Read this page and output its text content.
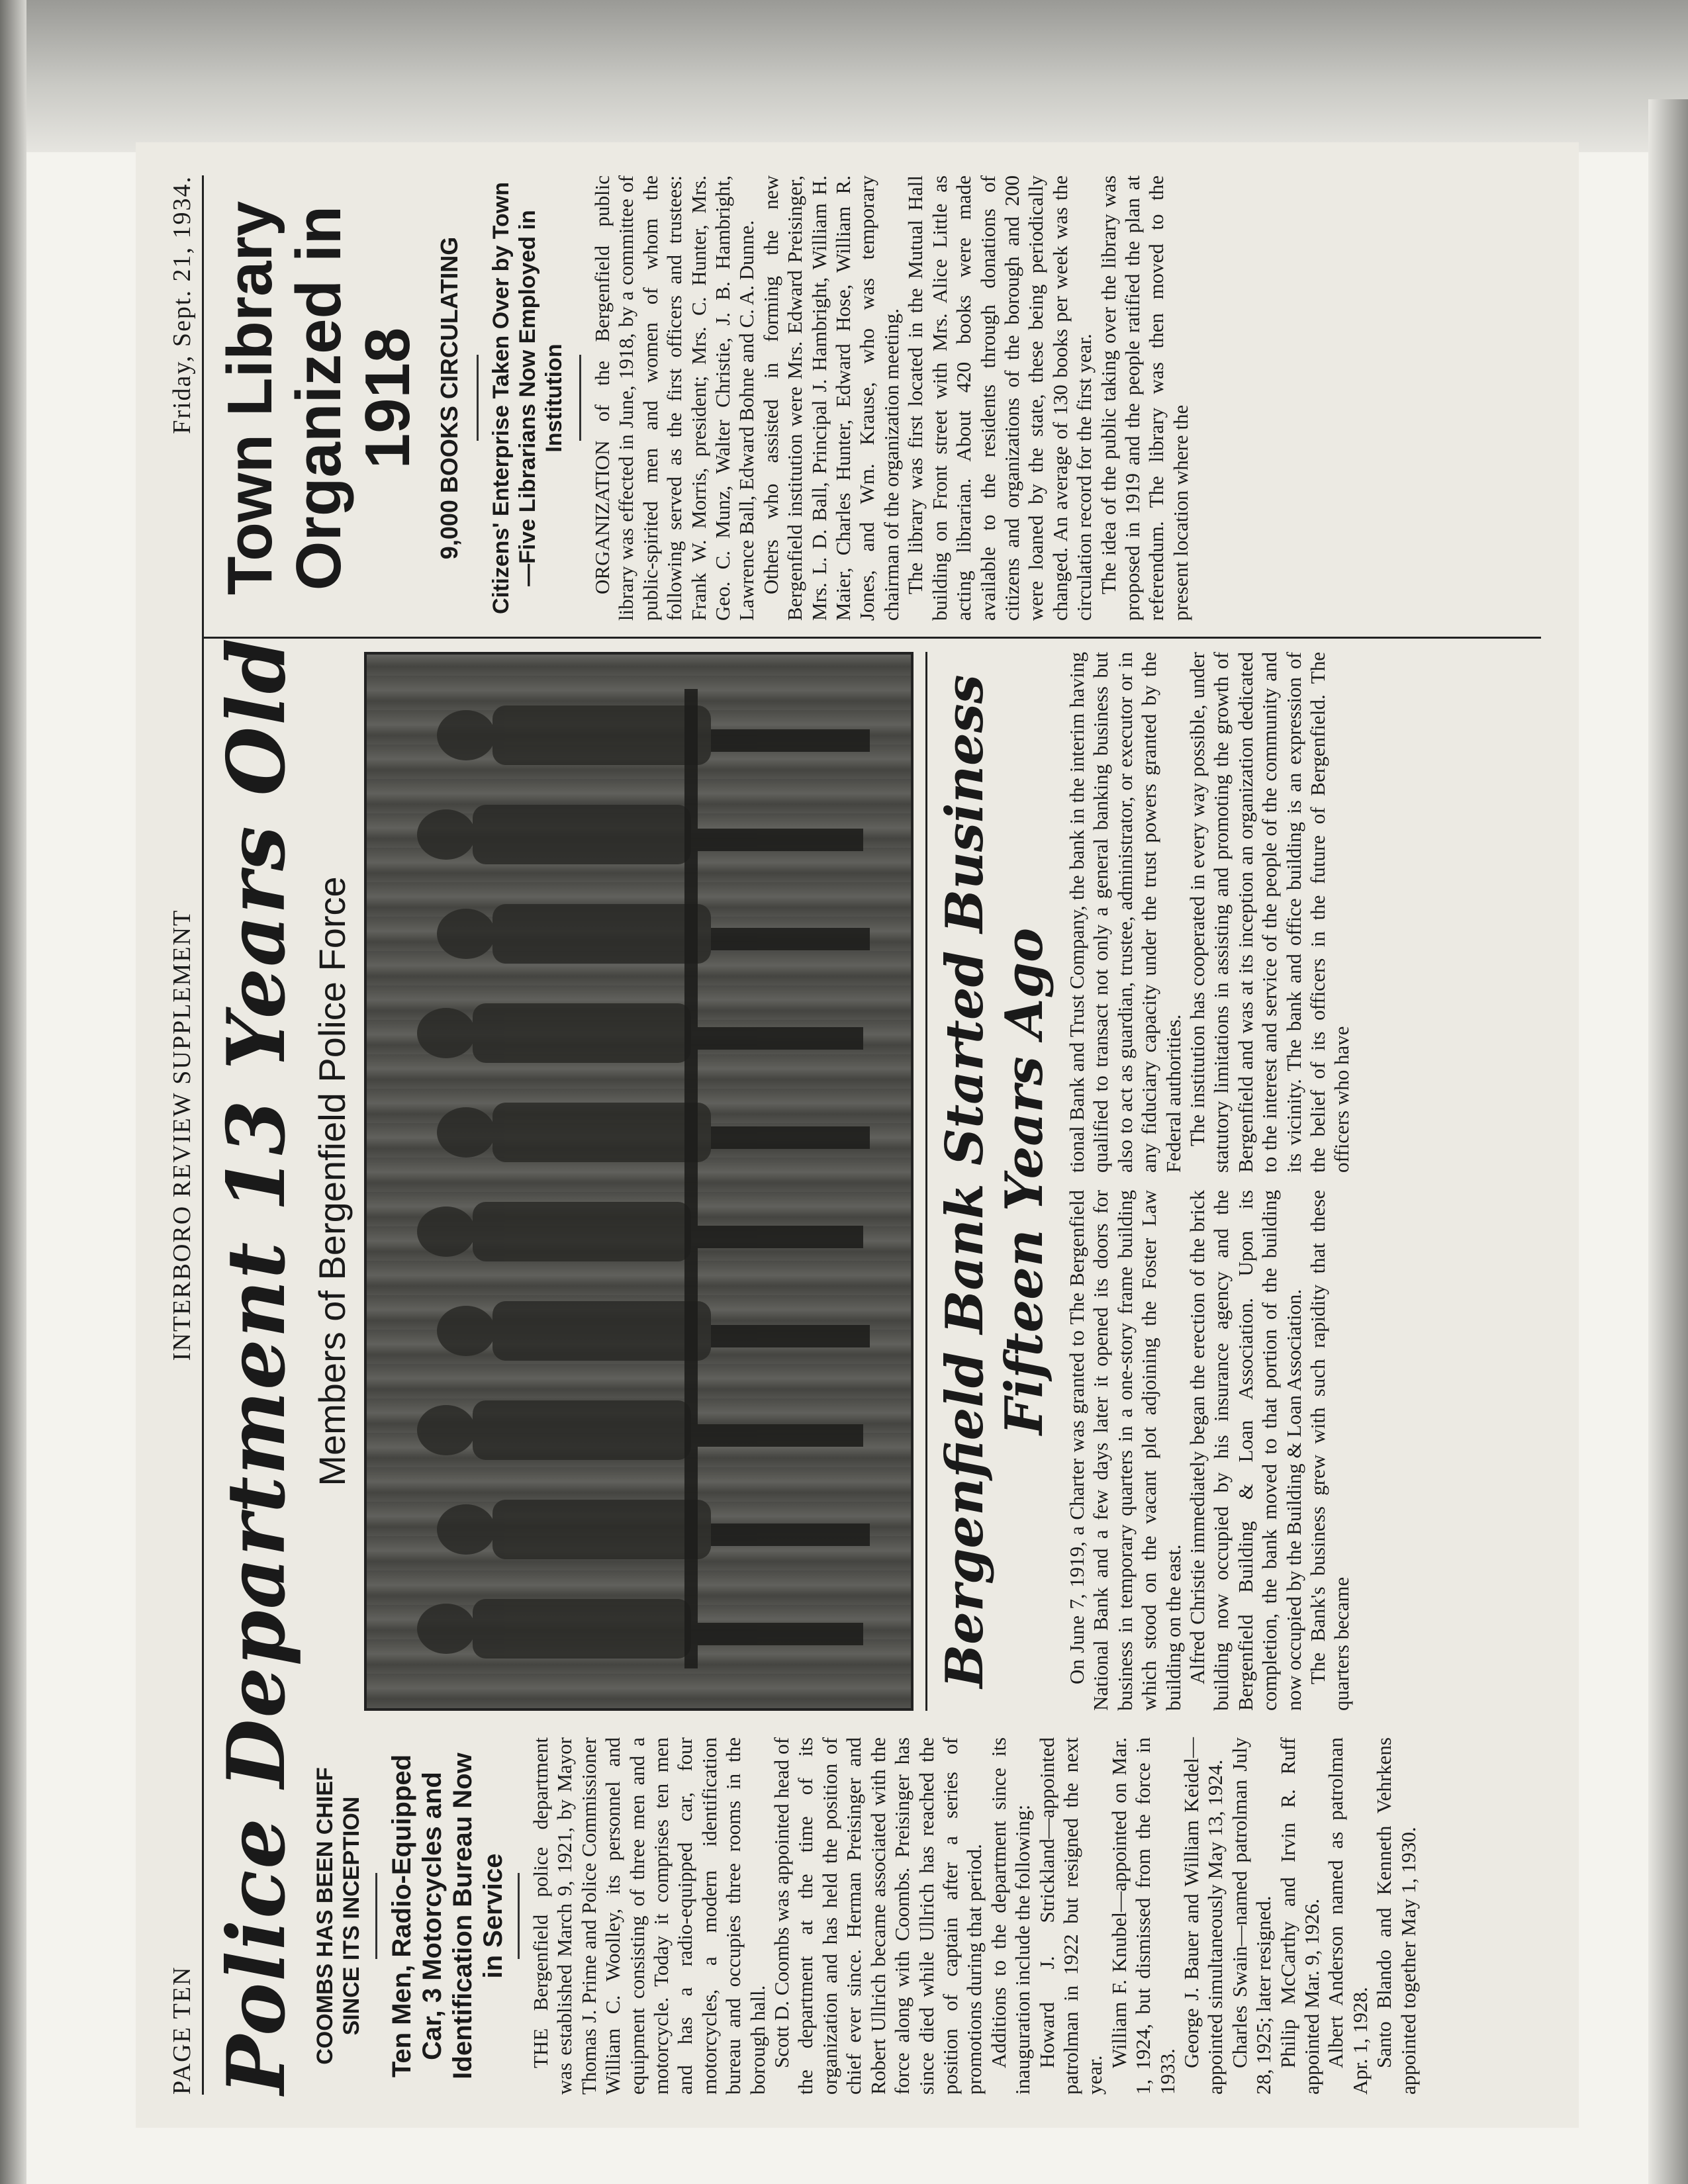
PAGE TEN
INTERBORO REVIEW SUPPLEMENT
Friday, Sept. 21, 1934.
Police Department 13 Years Old COOMBS HAS BEEN CHIEF SINCE ITS INCEPTION Ten Men, Radio-Equipped Car, 3 Motorcycles and Identification Bureau Now in Service THE Bergenfield police department was established March 9, 1921, by Mayor Thomas J. Prime and Police Commissioner William C. Woolley, its personnel and equipment consisting of three men and a motorcycle. Today it comprises ten men and has a radio-equipped car, four motorcycles, a modern identification bureau and occupies three rooms in the borough hall. Scott D. Coombs was appointed head of the department at the time of its organization and has held the position of chief ever since. Herman Preisinger and Robert Ullrich became associated with the force along with Coombs. Preisinger has since died while Ullrich has reached the position of captain after a series of promotions during that period. Additions to the department since its inauguration include the following: Howard J. Strickland—appointed patrolman in 1922 but resigned the next year.

William F. Knubel—appointed on Mar. 1, 1924, but dismissed from the force in 1933.

George J. Bauer and William Keidel—appointed simultaneously May 13, 1924. Charles Swain—named patrolman July 28, 1925; later resigned. Philip McCarthy and Irvin R. Ruff appointed Mar. 9, 1926. Albert Anderson named as patrolman Apr. 1, 1928. Santo Blando and Kenneth Vehrkens appointed together May 1, 1930.

Members of Bergenfield Police Force	Bergenfield Bank Started Business Fifteen Years Ago

On June 7, 1919, a Charter was granted to The Bergenfield National Bank and a few days later it opened its doors for business in temporary quarters in a one-story frame building which stood on the vacant plot adjoining the Foster Law building on the east. Alfred Christie immediately began the erection of the brick building now occupied by his insurance agency and the Bergenfield Building & Loan Association. Upon its completion, the bank moved to that portion of the building now occupied by the Building & Loan Association. The Bank's business grew with such rapidity that these quarters became

tional Bank and Trust Company, the bank in the interim having qualified to transact not only a general banking business but also to act as guardian, trustee, administrator, or executor or in any fiduciary capacity under the trust powers granted by the Federal authorities. The institution has cooperated in every way possible, under statutory limitations in assisting and promoting the growth of Bergenfield and was at its inception an organization dedicated to the interest and service of the people of the community and its vicinity. The bank and office building is an expression of the belief of its officers in the future of Bergenfield. The officers who have

Town Library Organized in 1918 9,000 BOOKS CIRCULATING Citizens' Enterprise Taken Over by Town—Five Librarians Now Employed in Institution ORGANIZATION of the Bergenfield public library was effected in June, 1918, by a committee of public-spirited men and women of whom the following served as the first officers and trustees: Frank W. Morris, president; Mrs. C. Hunter, Mrs. Geo. C. Munz, Walter Christie, J. B. Hambright, Lawrence Ball, Edward Bohne and C. A. Dunne. Others who assisted in forming the new Bergenfield institution were Mrs. Edward Preisinger, Mrs. L. D. Ball, Principal J. Hambright, William H. Maier, Charles Hunter, Edward Hose, William R. Jones, and Wm. Krause, who was temporary chairman of the organization meeting. The library was first located in the Mutual Hall building on Front street with Mrs. Alice Little as acting librarian. About 420 books were made available to the residents through donations of citizens and organizations of the borough and 200 were loaned by the state, these being periodically changed. An average of 130 books per week was the circulation record for the first year. The idea of the public taking over the library was proposed in 1919 and the people ratified the plan at referendum. The library was then moved to the present location where the
